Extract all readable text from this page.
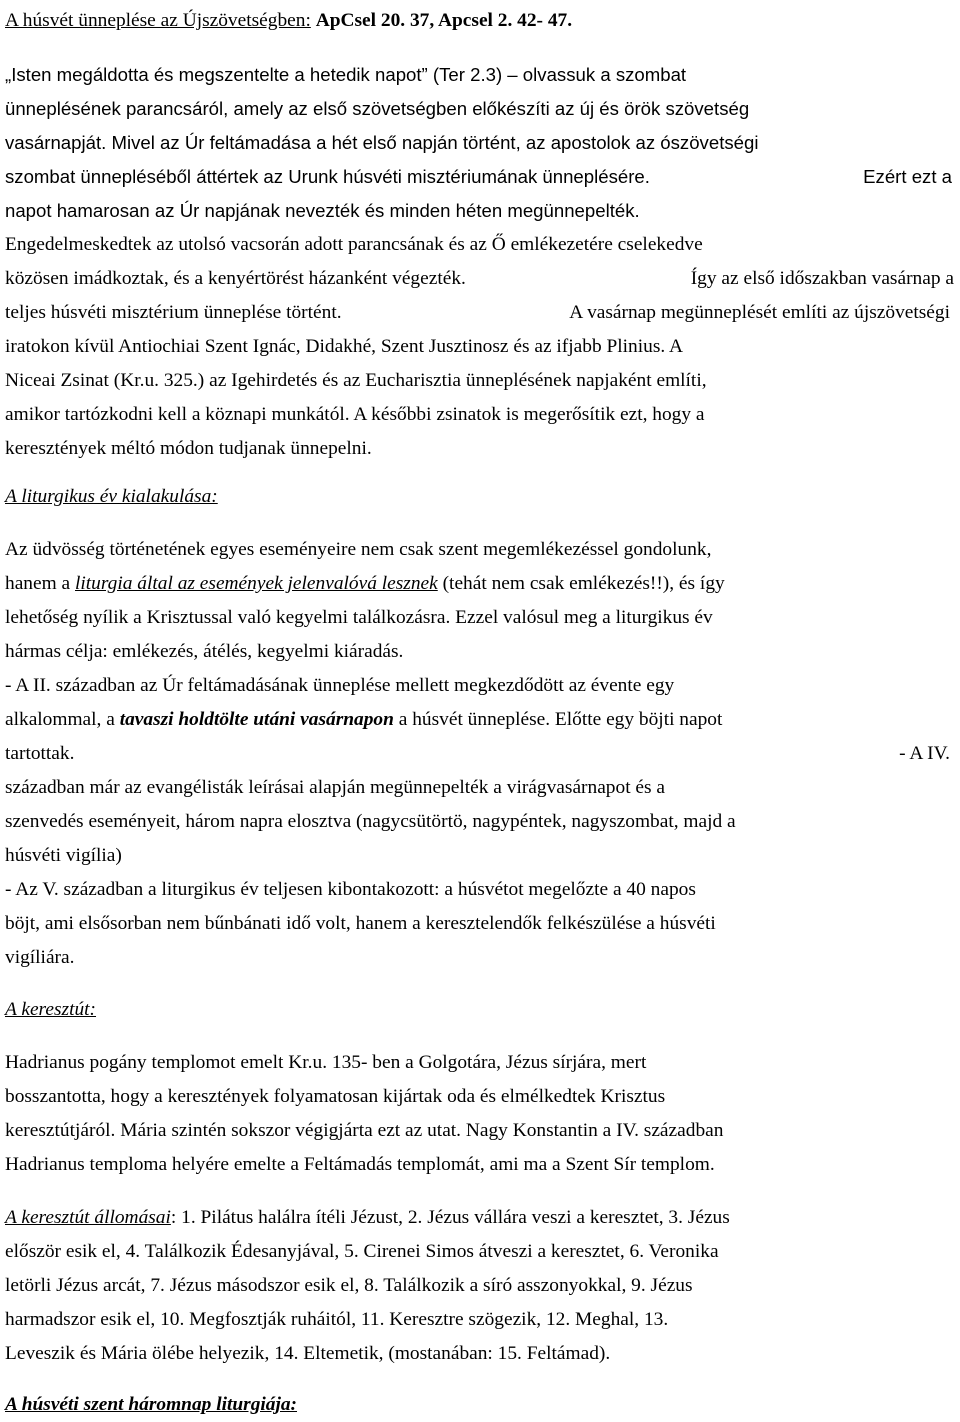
A húsvét ünneplése az Újszövetségben: ApCsel 20. 37, Apcsel 2. 42- 47.
„Isten megáldotta és megszentelte a hetedik napot” (Ter 2.3) – olvassuk a szombat
ünneplésének parancsáról, amely az első szövetségben előkészíti az új és örök szövetség
vasárnapját. Mivel az Úr feltámadása a hét első napján történt, az apostolok az ószövetségi
szombat ünnepléséből áttértek az Urunk húsvéti misztériumának ünneplésére.	Ezért ezt a
napot hamarosan az Úr napjának nevezték és minden héten megünnepelték.
Engedelmeskedtek az utolsó vacsorán adott parancsának és az Ő emlékezetére cselekedve
közösen imádkoztak, és a kenyértörést házanként végezték.	Így az első időszakban vasárnap a
teljes húsvéti misztérium ünneplése történt.	A vasárnap megünneplését említi az újszövetségi
iratokon kívül Antiochiai Szent Ignác, Didakhé, Szent Jusztinosz és az ifjabb Plinius. A
Niceai Zsinat (Kr.u. 325.) az Igehirdetés és az Eucharisztia ünneplésének napjaként említi,
amikor tartózkodni kell a köznapi munkától. A későbbi zsinatok is megerősítik ezt, hogy a
keresztények méltó módon tudjanak ünnepelni.
A liturgikus év kialakulása:
Az üdvösség történetének egyes eseményeire nem csak szent megemlékezéssel gondolunk,
hanem a liturgia által az események jelenvalóvá lesznek (tehát nem csak emlékezés!!), és így
lehetőség nyílik a Krisztussal való kegyelmi találkozásra. Ezzel valósul meg a liturgikus év
hármas célja: emlékezés, átélés, kegyelmi kiáradás.
- A II. században az Úr feltámadásának ünneplése mellett megkezdődött az évente egy
alkalommal, a tavaszi holdtölte utáni vasárnapon a húsvét ünneplése. Előtte egy böjti napot
tartottak.	- A IV.
században már az evangélisták leírásai alapján megünnepelték a virágvasárnapot és a
szenvedés eseményeit, három napra elosztva (nagycsütörtö, nagypéntek, nagyszombat, majd a
húsvéti vigília)
- Az V. században a liturgikus év teljesen kibontakozott: a húsvétot megelőzte a 40 napos
böjt, ami elsősorban nem bűnbánati idő volt, hanem a keresztelendők felkészülése a húsvéti
vigíliára.
A keresztút:
Hadrianus pogány templomot emelt Kr.u. 135- ben a Golgotára, Jézus sírjára, mert
bosszantotta, hogy a keresztények folyamatosan kijártak oda és elmélkedtek Krisztus
keresztútjáról. Mária szintén sokszor végigjárta ezt az utat. Nagy Konstantin a IV. században
Hadrianus temploma helyére emelte a Feltámadás templomát, ami ma a Szent Sír templom.
A keresztút állomásai: 1. Pilátus halálra ítéli Jézust, 2. Jézus vállára veszi a keresztet, 3. Jézus
először esik el, 4. Találkozik Édesanyjával, 5. Cirenei Simos átveszi a keresztet, 6. Veronika
letörli Jézus arcát, 7. Jézus másodszor esik el, 8. Találkozik a síró asszonyokkal, 9. Jézus
harmadszor esik el, 10. Megfosztják ruháitól, 11. Keresztre szögezik, 12. Meghal, 13.
Leveszik és Mária ölébe helyezik, 14. Eltemetik, (mostanában: 15. Feltámad).
A húsvéti szent háromnap liturgiája:
